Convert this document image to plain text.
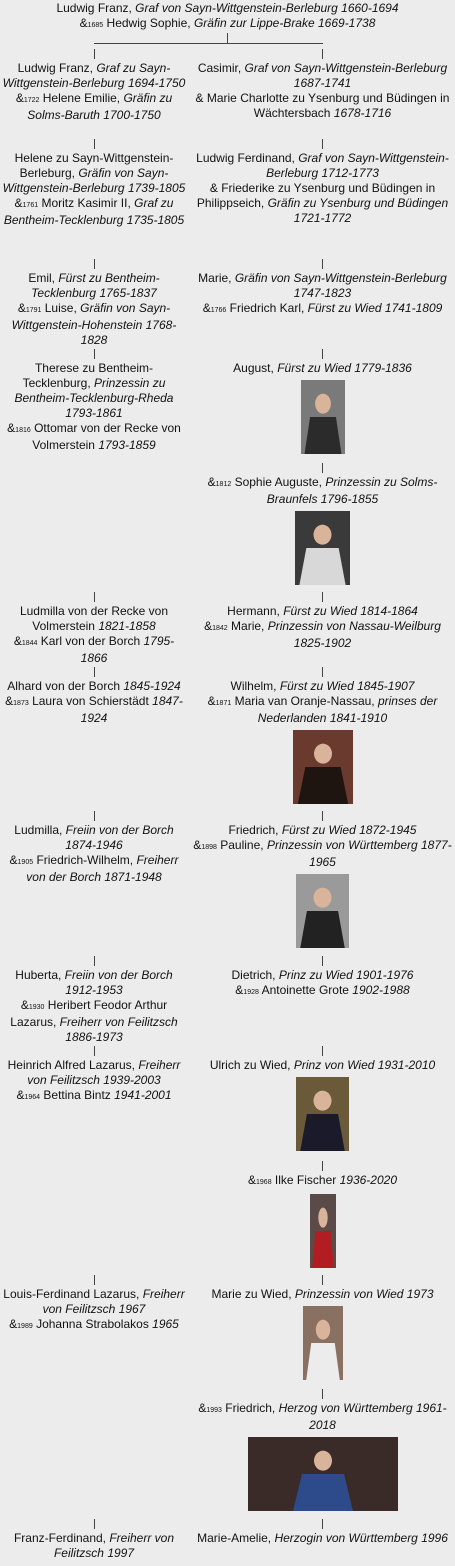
Ludwig Franz, Graf von Sayn-Wittgenstein-Berleburg 1660-1694
&1685 Hedwig Sophie, Gräfin zur Lippe-Brake 1669-1738
Ludwig Franz, Graf zu Sayn-Wittgenstein-Berleburg 1694-1750
&1722 Helene Emilie, Gräfin zu Solms-Baruth 1700-1750
Helene zu Sayn-Wittgenstein-Berleburg, Gräfin von Sayn-Wittgenstein-Berleburg 1739-1805
&1761 Moritz Kasimir II, Graf zu Bentheim-Tecklenburg 1735-1805
Emil, Fürst zu Bentheim-Tecklenburg 1765-1837
&1791 Luise, Gräfin von Sayn-Wittgenstein-Hohenstein 1768-1828
Therese zu Bentheim-Tecklenburg, Prinzessin zu Bentheim-Tecklenburg-Rheda 1793-1861
&1816 Ottomar von der Recke von Volmerstein 1793-1859
Ludmilla von der Recke von Volmerstein 1821-1858
&1844 Karl von der Borch 1795-1866
Alhard von der Borch 1845-1924
&1873 Laura von Schierstädt 1847-1924
Ludmilla, Freiin von der Borch 1874-1946
&1905 Friedrich-Wilhelm, Freiherr von der Borch 1871-1948
Huberta, Freiin von der Borch 1912-1953
&1930 Heribert Feodor Arthur Lazarus, Freiherr von Feilitzsch 1886-1973
Heinrich Alfred Lazarus, Freiherr von Feilitzsch 1939-2003
&1964 Bettina Bintz 1941-2001
Louis-Ferdinand Lazarus, Freiherr von Feilitzsch 1967
&1989 Johanna Strabolakos 1965
Franz-Ferdinand, Freiherr von Feilitzsch 1997
Casimir, Graf von Sayn-Wittgenstein-Berleburg 1687-1741
& Marie Charlotte zu Ysenburg und Büdingen in Wächtersbach 1678-1716
Ludwig Ferdinand, Graf von Sayn-Wittgenstein-Berleburg 1712-1773
& Friederike zu Ysenburg und Büdingen in Philippseich, Gräfin zu Ysenburg und Büdingen 1721-1772
Marie, Gräfin von Sayn-Wittgenstein-Berleburg 1747-1823
&1766 Friedrich Karl, Fürst zu Wied 1741-1809
August, Fürst zu Wied 1779-1836
&1812 Sophie Auguste, Prinzessin zu Solms-Braunfels 1796-1855
Hermann, Fürst zu Wied 1814-1864
&1842 Marie, Prinzessin von Nassau-Weilburg 1825-1902
Wilhelm, Fürst zu Wied 1845-1907
&1871 Maria van Oranje-Nassau, prinses der Nederlanden 1841-1910
Friedrich, Fürst zu Wied 1872-1945
&1898 Pauline, Prinzessin von Württemberg 1877-1965
Dietrich, Prinz zu Wied 1901-1976
&1928 Antoinette Grote 1902-1988
Ulrich zu Wied, Prinz von Wied 1931-2010
&1968 Ilke Fischer 1936-2020
Marie zu Wied, Prinzessin von Wied 1973
&1993 Friedrich, Herzog von Württemberg 1961-2018
Marie-Amelie, Herzogin von Württemberg 1996
